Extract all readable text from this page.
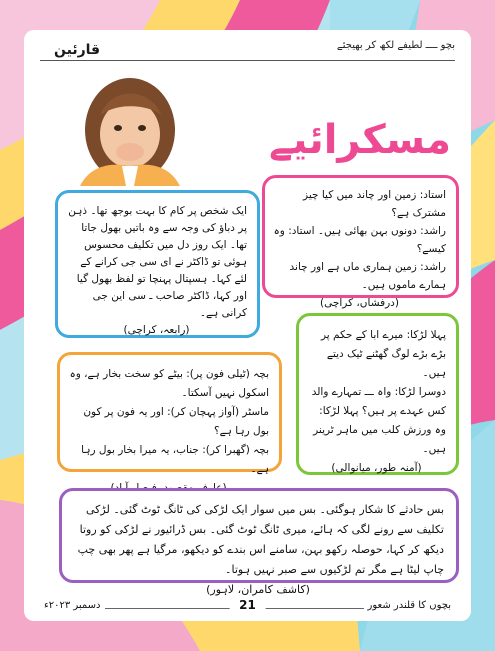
بچو ــــ لطیفے لکھ کر بھیجئے
قارئین
مسکرائیے

ایک شخص پر کام کا بہت بوجھ تھا۔ ذہن پر دباؤ کی وجہ سے وہ باتیں بھول جاتا تھا۔ ایک روز دل میں تکلیف محسوس ہوئی تو ڈاکٹر نے ای سی جی کرانے کے لئے کہا۔ ہسپتال پہنچا تو لفظ بھول گیا اور کہا، ڈاکٹر صاحب ـ سی این جی کرانی ہے۔

(رابعہ، کراچی)

استاد: زمین اور چاند میں کیا چیز مشترک ہے؟

راشد: دونوں بہن بھائی ہیں۔ استاد: وہ کیسے؟

راشد: زمین ہماری ماں ہے اور چاند ہمارے ماموں ہیں۔

(درفشاں، کراچی)

بچہ (ٹیلی فون پر): بیٹے کو سخت بخار ہے، وہ اسکول نہیں آسکتا۔

ماسٹر (آواز پہچان کر): اور یہ فون پر کون بول رہا ہے؟

بچہ (گھبرا کر): جناب، یہ میرا بخار بول رہا ہے۔

پہلا لڑکا: میرے ابا کے حکم پر بڑے بڑے لوگ گھٹنے ٹیک دیتے ہیں۔

دوسرا لڑکا: واہ ـــ تمہارے والد کس عہدے پر ہیں؟ پہلا لڑکا: وہ ورزش کلب میں ماہر ٹرینر ہیں۔

(آمنہ طور، میانوالی)

بس حادثے کا شکار ہوگئی۔ بس میں سوار ایک لڑکی کی ٹانگ ٹوٹ گئی۔ لڑکی تکلیف سے رونے لگی کہ ہائے، میری ٹانگ ٹوٹ گئی۔ بس ڈرائیور نے لڑکی کو روتا دیکھ کر کہا، حوصلہ رکھو بہن، سامنے اس بندے کو دیکھو، مرگیا ہے پھر بھی چپ چاپ لیٹا ہے مگر تم لڑکیوں سے صبر نہیں ہوتا۔

(کاشف کامران، لاہور)
بچوں کا قلندر شعور
21
دسمبر ۲۰۲۳ء
